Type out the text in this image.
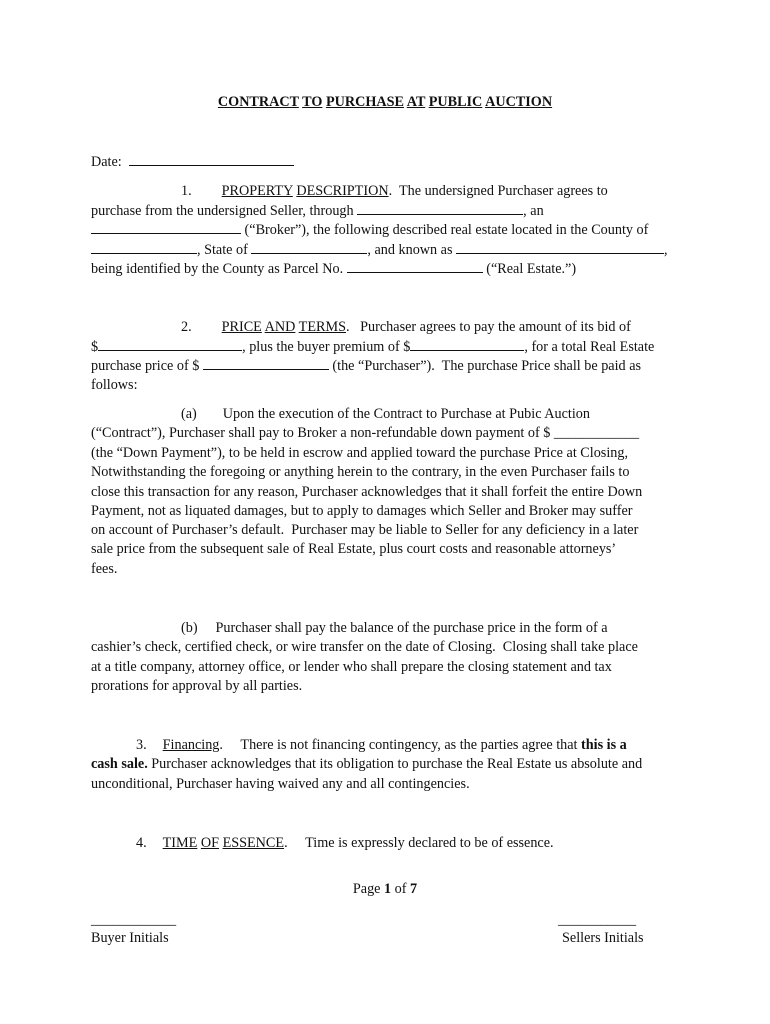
CONTRACT TO PURCHASE AT PUBLIC AUCTION
Date:
1. PROPERTY DESCRIPTION.  The undersigned Purchaser agrees to
purchase from the undersigned Seller, through	, an
(“Broker”), the following described real estate located in the County of
, State of	, and known as	,
being identified by the County as Parcel No.	(“Real Estate.”)
2. PRICE AND TERMS.   Purchaser agrees to pay the amount of its bid of
$	, plus the buyer premium of $	, for a total Real Estate
purchase price of $	(the “Purchaser”).  The purchase Price shall be paid as
follows:
(a) Upon the execution of the Contract to Purchase at Pubic Auction
(“Contract”), Purchaser shall pay to Broker a non-refundable down payment of $ ____________
(the “Down Payment”), to be held in escrow and applied toward the purchase Price at Closing,
Notwithstanding the foregoing or anything herein to the contrary, in the even Purchaser fails to
close this transaction for any reason, Purchaser acknowledges that it shall forfeit the entire Down
Payment, not as liquated damages, but to apply to damages which Seller and Broker may suffer
on account of Purchaser’s default.  Purchaser may be liable to Seller for any deficiency in a later
sale price from the subsequent sale of Real Estate, plus court costs and reasonable attorneys’
fees.
(b) Purchaser shall pay the balance of the purchase price in the form of a
cashier’s check, certified check, or wire transfer on the date of Closing.  Closing shall take place
at a title company, attorney office, or lender who shall prepare the closing statement and tax
prorations for approval by all parties.
3. Financing.     There is not financing contingency, as the parties agree that this is a
cash sale. Purchaser acknowledges that its obligation to purchase the Real Estate us absolute and
unconditional, Purchaser having waived any and all contingencies.
4. TIME OF ESSENCE.     Time is expressly declared to be of essence.
Page 1 of 7
____________
Buyer Initials
___________
Sellers Initials
